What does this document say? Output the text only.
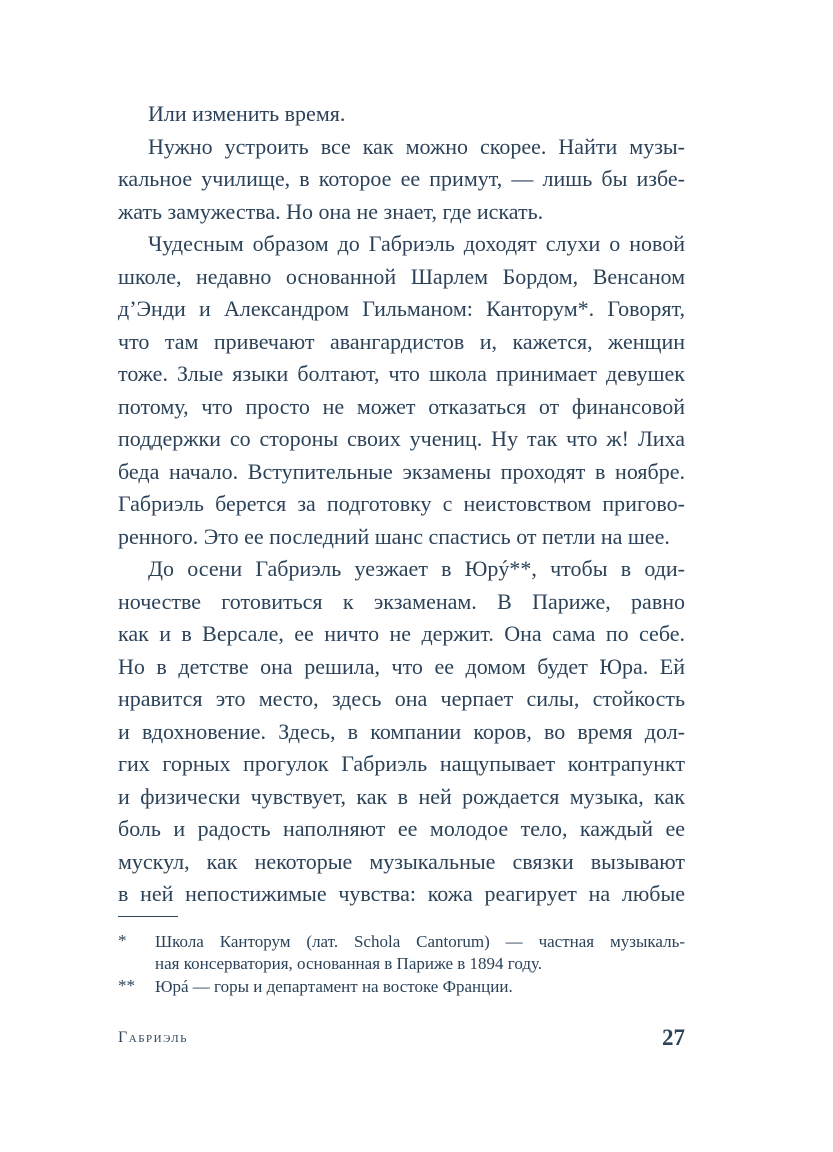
Или изменить время.
Нужно устроить все как можно скорее. Найти музы-
кальное училище, в которое ее примут, — лишь бы избе-
жать замужества. Но она не знает, где искать.
Чудесным образом до Габриэль доходят слухи о новой
школе, недавно основанной Шарлем Бордом, Венсаном
д’Энди и Александром Гильманом: Канторум*. Говорят,
что там привечают авангардистов и, кажется, женщин
тоже. Злые языки болтают, что школа принимает девушек
потому, что просто не может отказаться от финансовой
поддержки со стороны своих учениц. Ну так что ж! Лиха
беда начало. Вступительные экзамены проходят в ноябре.
Габриэль берется за подготовку с неистовством пригово-
ренного. Это ее последний шанс спастись от петли на шее.
До осени Габриэль уезжает в Юрý**, чтобы в оди-
ночестве готовиться к экзаменам. В Париже, равно
как и в Версале, ее ничто не держит. Она сама по себе.
Но в детстве она решила, что ее домом будет Юра. Ей
нравится это место, здесь она черпает силы, стойкость
и вдохновение. Здесь, в компании коров, во время дол-
гих горных прогулок Габриэль нащупывает контрапункт
и физически чувствует, как в ней рождается музыка, как
боль и радость наполняют ее молодое тело, каждый ее
мускул, как некоторые музыкальные связки вызывают
в ней непостижимые чувства: кожа реагирует на любые
* Школа Канторум (лат. Schola Cantorum) — частная музыкаль-
ная консерватория, основанная в Париже в 1894 году.
** Юрá — горы и департамент на востоке Франции.
Габриэль	27
